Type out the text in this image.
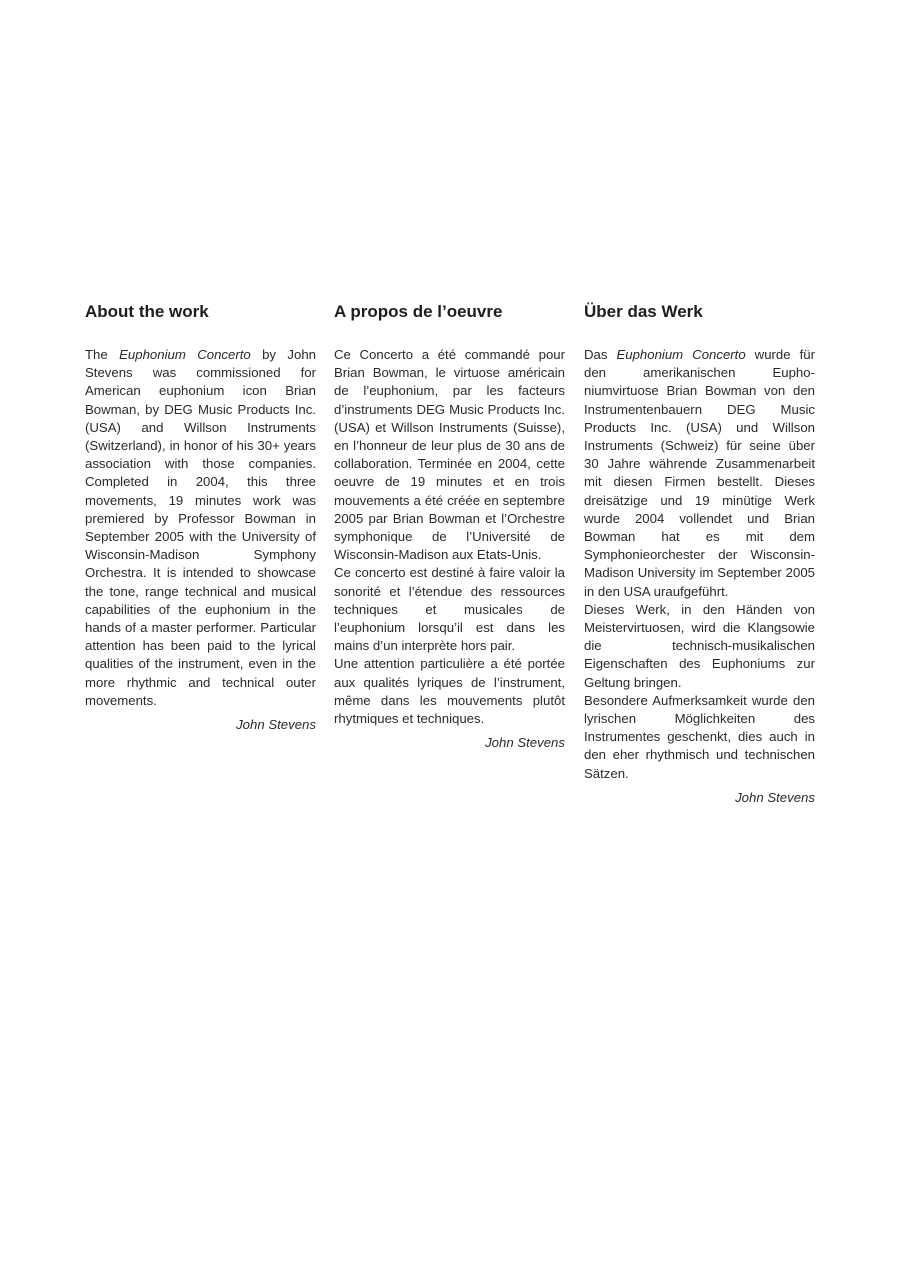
About the work

The Euphonium Concerto by John Stevens was commissioned for American euphonium icon Brian Bowman, by DEG Music Products Inc. (USA) and Willson Instruments (Switzerland), in honor of his 30+ years association with those companies. Completed in 2004, this three movements, 19 minutes work was premiered by Professor Bowman in September 2005 with the University of Wisconsin-Madison Symphony Orchestra. It is intended to showcase the tone, range technical and musical capabilities of the euphonium in the hands of a master performer. Particular attention has been paid to the lyrical qualities of the instrument, even in the more rhythmic and technical outer movements.

John Stevens

A propos de l’oeuvre

Ce Concerto a été commandé pour Brian Bowman, le virtuose américain de l’euphonium, par les facteurs d’instruments DEG Music Products Inc. (USA) et Willson Instruments (Suisse), en l’honneur de leur plus de 30 ans de collaboration. Terminée en 2004, cette oeuvre de 19 minutes et en trois mouvements a été créée en septembre 2005 par Brian Bowman et l’Orchestre symphonique de l’Université de Wisconsin-Madison aux Etats-Unis.

Ce concerto est destiné à faire valoir la sonorité et l’étendue des ressources techniques et musicales de l’euphonium lorsqu’il est dans les mains d’un interprète hors pair.

Une attention particulière a été portée aux qualités lyriques de l’instrument, même dans les mouvements plutôt rhytmiques et techniques.

John Stevens

Über das Werk

Das Euphonium Concerto wurde für den amerikanischen Euphoniumvirtuose Brian Bowman von den Instrumentenbauern DEG Music Products Inc. (USA) und Willson Instruments (Schweiz) für seine über 30 Jahre währende Zusammenarbeit mit diesen Firmen bestellt. Dieses dreisätzige und 19 minütige Werk wurde 2004 vollendet und Brian Bowman hat es mit dem Symphonieorchester der Wisconsin-Madison University im September 2005 in den USA uraufgeführt.

Dieses Werk, in den Händen von Meistervirtuosen, wird die Klangsowie die technisch-musikalischen Eigenschaften des Euphoniums zur Geltung bringen.

Besondere Aufmerksamkeit wurde den lyrischen Möglichkeiten des Instrumentes geschenkt, dies auch in den eher rhythmisch und technischen Sätzen.

John Stevens
